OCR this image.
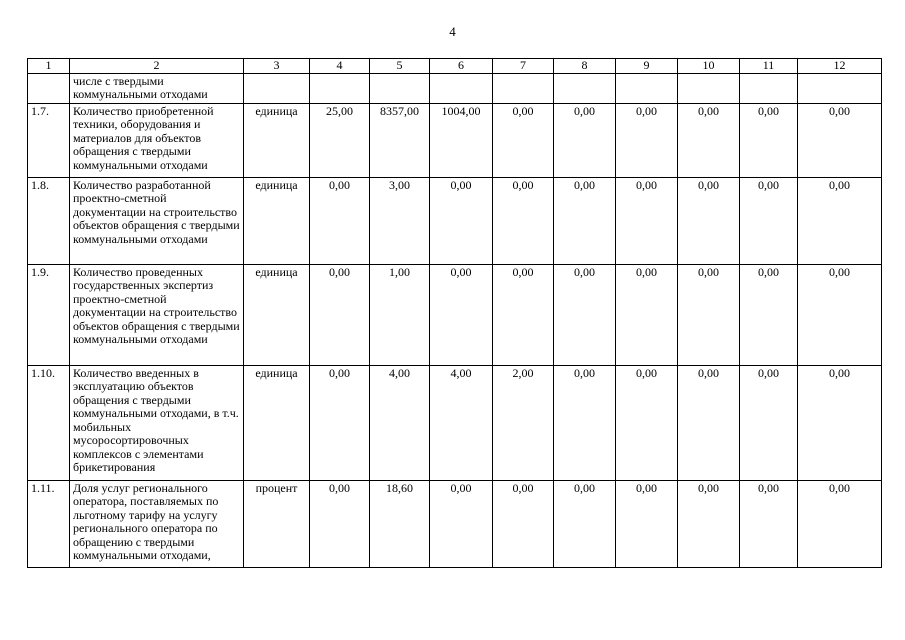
4
1	2	3	4	5	6	7	8	9	10	11	12
	числе с твердыми коммунальными отходами										
1.7.	Количество приобретенной техники, оборудования и материалов для объектов обращения с твердыми коммунальными отходами	единица	25,00	8357,00	1004,00	0,00	0,00	0,00	0,00	0,00	0,00
1.8.	Количество разработанной проектно-сметной документации на строительство объектов обращения с твердыми коммунальными отходами	единица	0,00	3,00	0,00	0,00	0,00	0,00	0,00	0,00	0,00
1.9.	Количество проведенных государственных экспертиз проектно-сметной документации на строительство объектов обращения с твердыми коммунальными отходами	единица	0,00	1,00	0,00	0,00	0,00	0,00	0,00	0,00	0,00
1.10.	Количество введенных в эксплуатацию объектов обращения с твердыми коммунальными отходами, в т.ч. мобильных мусоросортировочных комплексов с элементами брикетирования	единица	0,00	4,00	4,00	2,00	0,00	0,00	0,00	0,00	0,00
1.11.	Доля услуг регионального оператора, поставляемых по льготному тарифу на услугу регионального оператора по обращению с твердыми коммунальными отходами,	процент	0,00	18,60	0,00	0,00	0,00	0,00	0,00	0,00	0,00
